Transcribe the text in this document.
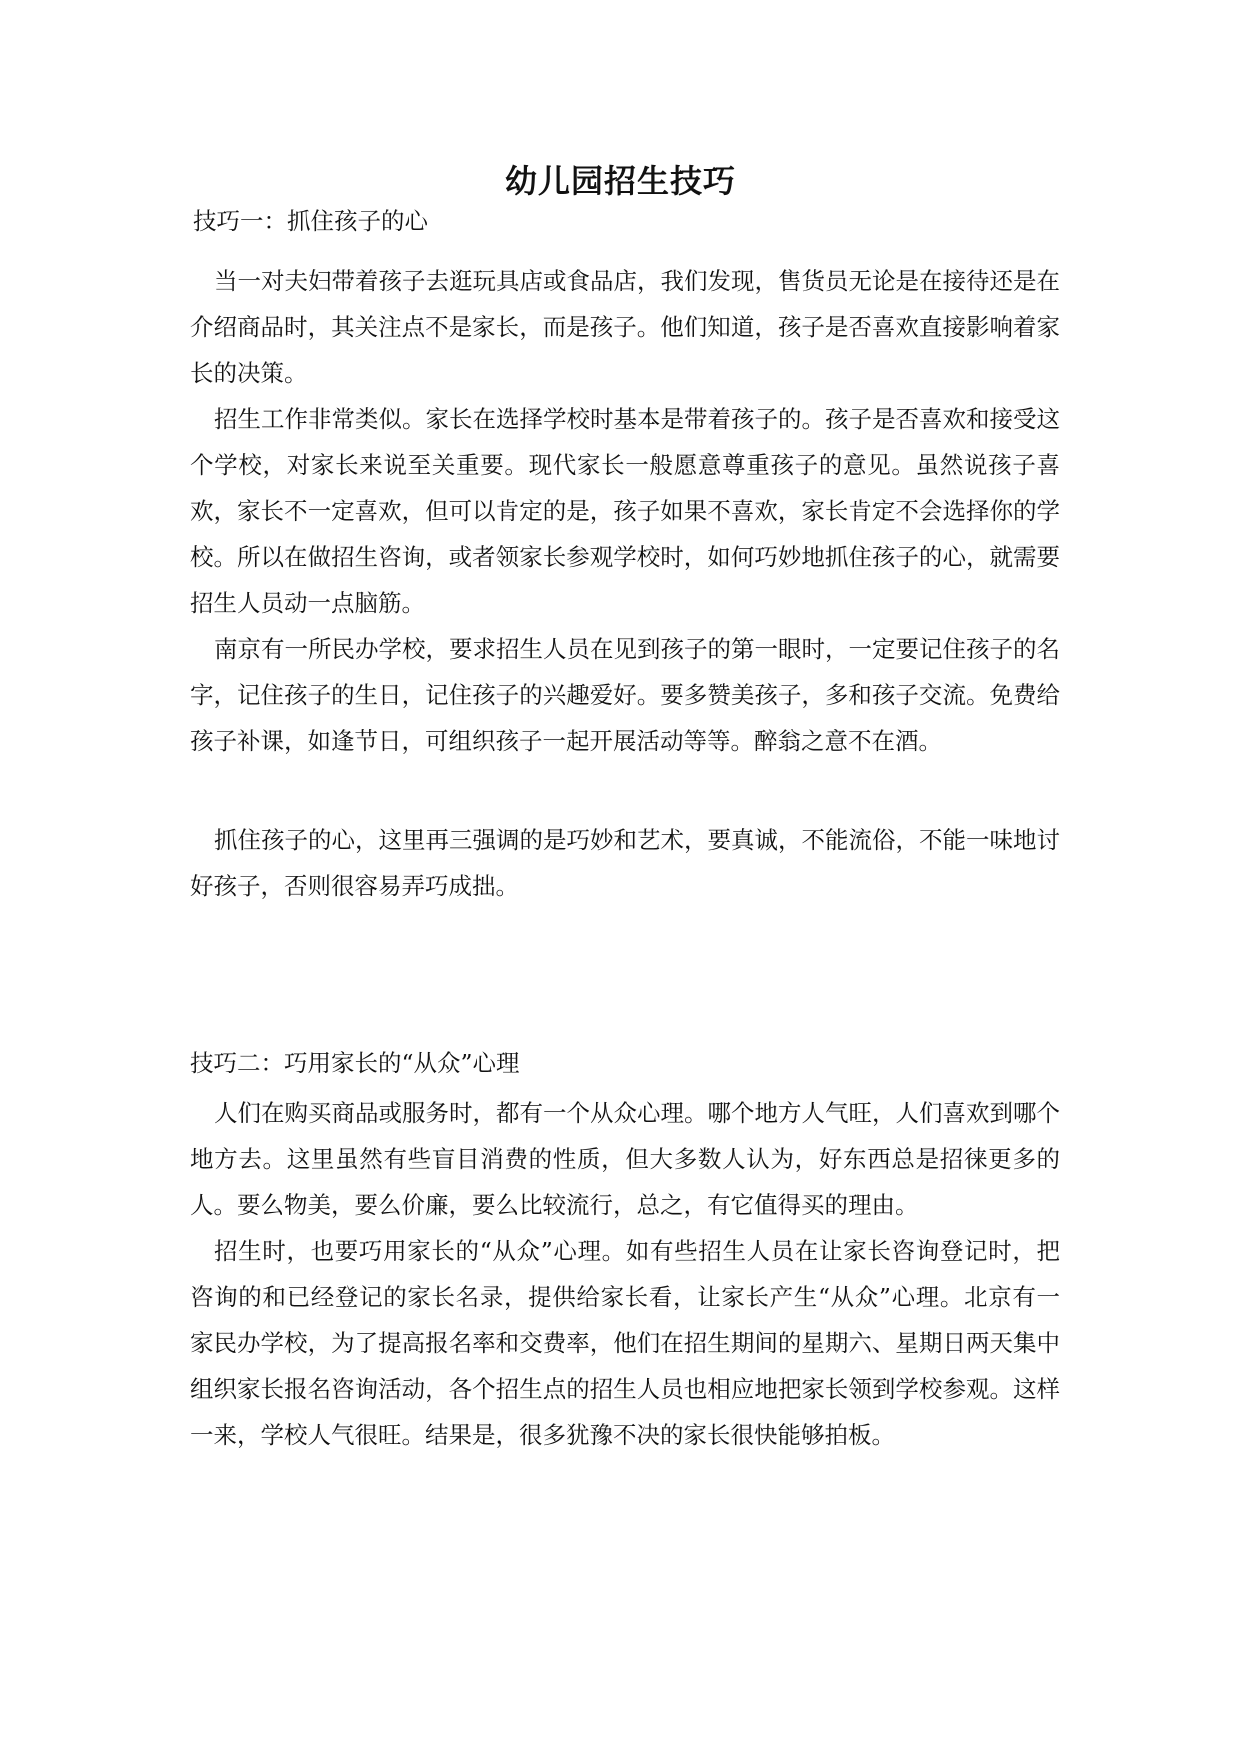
幼儿园招生技巧
技巧一：抓住孩子的心

当一对夫妇带着孩子去逛玩具店或食品店，我们发现，售货员无论是在接待还是在介绍商品时，其关注点不是家长，而是孩子。他们知道，孩子是否喜欢直接影响着家长的决策。

招生工作非常类似。家长在选择学校时基本是带着孩子的。孩子是否喜欢和接受这个学校，对家长来说至关重要。现代家长一般愿意尊重孩子的意见。虽然说孩子喜欢，家长不一定喜欢，但可以肯定的是，孩子如果不喜欢，家长肯定不会选择你的学校。所以在做招生咨询，或者领家长参观学校时，如何巧妙地抓住孩子的心，就需要招生人员动一点脑筋。

南京有一所民办学校，要求招生人员在见到孩子的第一眼时，一定要记住孩子的名字，记住孩子的生日，记住孩子的兴趣爱好。要多赞美孩子，多和孩子交流。免费给孩子补课，如逢节日，可组织孩子一起开展活动等等。醉翁之意不在酒。

抓住孩子的心，这里再三强调的是巧妙和艺术，要真诚，不能流俗，不能一味地讨好孩子，否则很容易弄巧成拙。

技巧二：巧用家长的“从众”心理

人们在购买商品或服务时，都有一个从众心理。哪个地方人气旺，人们喜欢到哪个地方去。这里虽然有些盲目消费的性质，但大多数人认为，好东西总是招徕更多的人。要么物美，要么价廉，要么比较流行，总之，有它值得买的理由。

招生时，也要巧用家长的“从众”心理。如有些招生人员在让家长咨询登记时，把咨询的和已经登记的家长名录，提供给家长看，让家长产生“从众”心理。北京有一家民办学校，为了提高报名率和交费率，他们在招生期间的星期六、星期日两天集中组织家长报名咨询活动，各个招生点的招生人员也相应地把家长领到学校参观。这样一来，学校人气很旺。结果是，很多犹豫不决的家长很快能够拍板。
